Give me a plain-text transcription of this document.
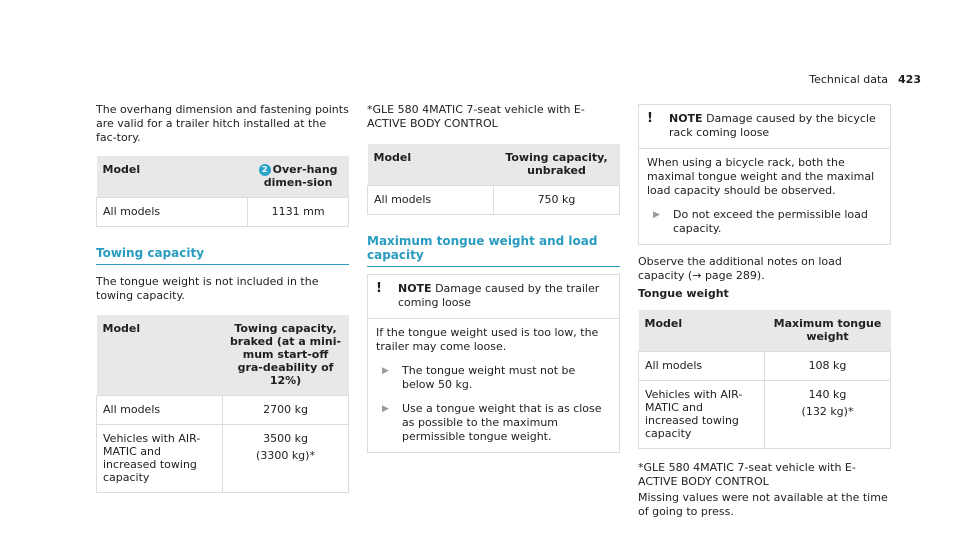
Technical data 423

The overhang dimension and fastening points are valid for a trailer hitch installed at the fac-tory.

Model	2 Over-hang dimen-sion
All models	1131 mm
Towing capacity

The tongue weight is not included in the towing capacity.

Model	Towing capacity, braked (at a mini-mum start-off gra-deability of 12%)
All models	2700 kg
Vehicles with AIR-MATIC and increased towing capacity	3500 kg
(3300 kg)*

*GLE 580 4MATIC 7-seat vehicle with E-ACTIVE BODY CONTROL

Model	Towing capacity, unbraked
All models	750 kg
Maximum tongue weight and load capacity
!	NOTE Damage caused by the trailer coming loose

If the tongue weight used is too low, the trailer may come loose.

▶	The tongue weight must not be below 50 kg.

▶	Use a tongue weight that is as close as possible to the maximum permissible tongue weight.

!	NOTE Damage caused by the bicycle rack coming loose

When using a bicycle rack, both the maximal tongue weight and the maximal load capacity should be observed.

▶	Do not exceed the permissible load capacity.

Observe the additional notes on load capacity (→ page 289).

Tongue weight

Model	Maximum tongue weight
All models	108 kg
Vehicles with AIR-MATIC and increased towing capacity	140 kg
(132 kg)*

*GLE 580 4MATIC 7-seat vehicle with E-ACTIVE BODY CONTROL

Missing values were not available at the time of going to press.
